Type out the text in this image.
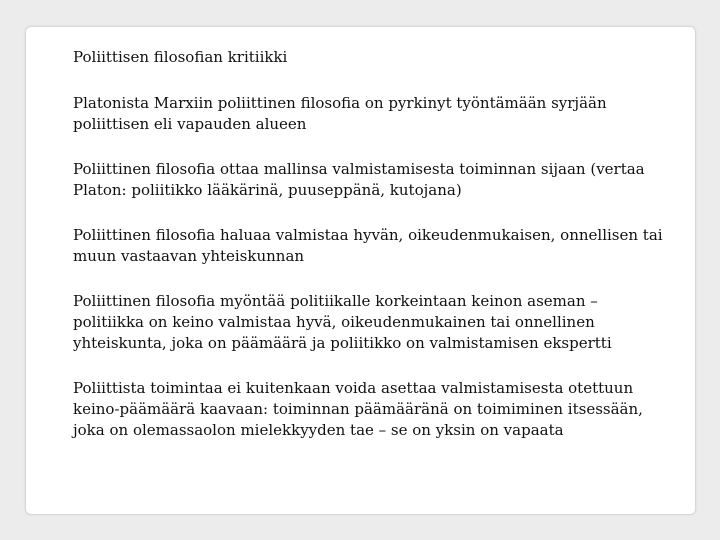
Poliittisen filosofian kritiikki

Platonista Marxiin poliittinen filosofia on pyrkinyt työntämään syrjään poliittisen eli vapauden alueen

Poliittinen filosofia ottaa mallinsa valmistamisesta toiminnan sijaan (vertaa Platon: poliitikko lääkärinä, puuseppänä, kutojana)

Poliittinen filosofia haluaa valmistaa hyvän, oikeudenmukaisen, onnellisen tai muun vastaavan yhteiskunnan

Poliittinen filosofia myöntää politiikalle korkeintaan keinon aseman – politiikka on keino valmistaa hyvä, oikeudenmukainen tai onnellinen yhteiskunta, joka on päämäärä ja poliitikko on valmistamisen ekspertti

Poliittista toimintaa ei kuitenkaan voida asettaa valmistamisesta otettuun keino-päämäärä kaavaan: toiminnan päämääränä on toimiminen itsessään, joka on olemassaolon mielekkyyden tae – se on yksin on vapaata
